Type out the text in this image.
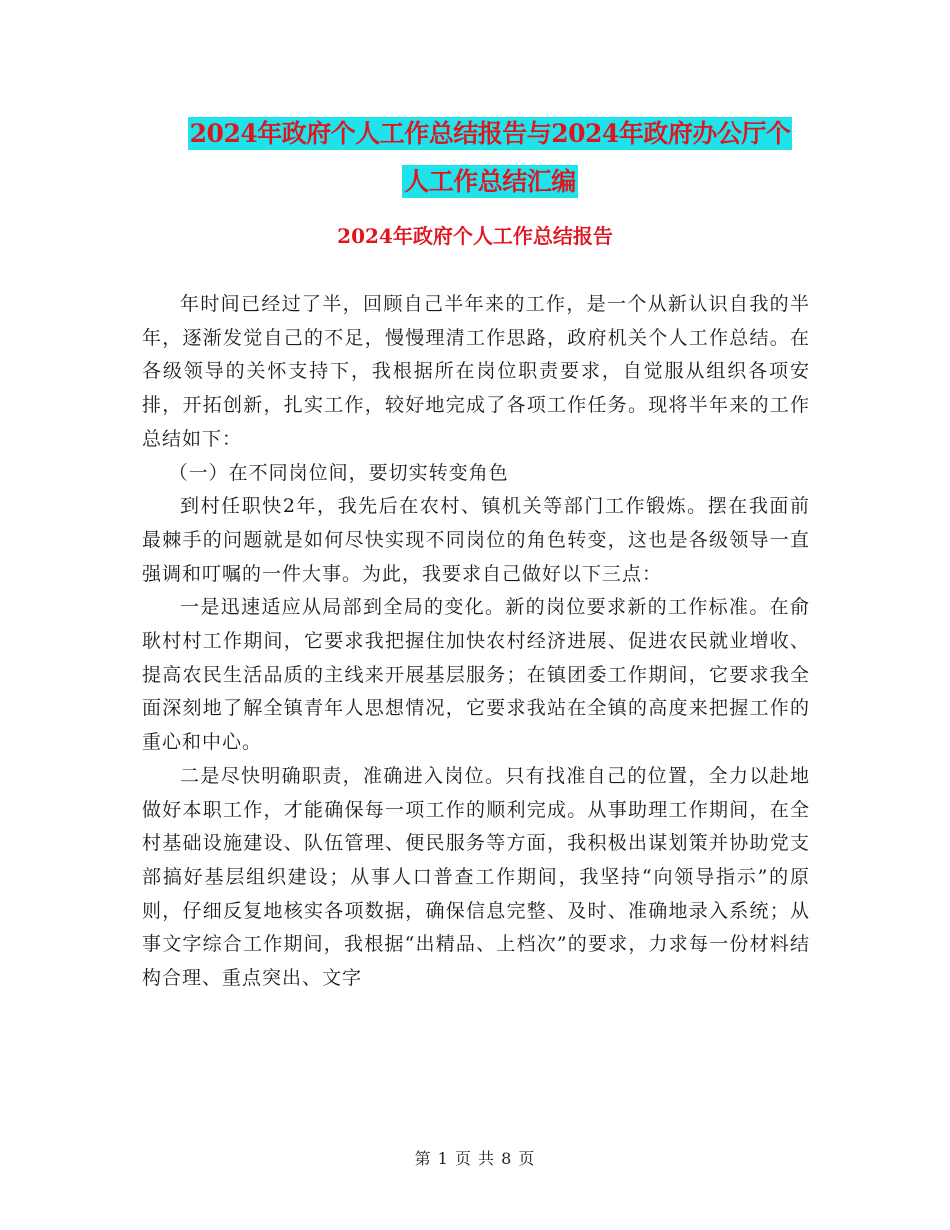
2024年政府个人工作总结报告与2024年政府办公厅个
人工作总结汇编
2024年政府个人工作总结报告

年时间已经过了半，回顾自己半年来的工作，是一个从新认识自我的半年，逐渐发觉自己的不足，慢慢理清工作思路，政府机关个人工作总结。在各级领导的关怀支持下，我根据所在岗位职责要求，自觉服从组织各项安排，开拓创新，扎实工作，较好地完成了各项工作任务。现将半年来的工作总结如下：

（一）在不同岗位间，要切实转变角色

到村任职快2年，我先后在农村、镇机关等部门工作锻炼。摆在我面前最棘手的问题就是如何尽快实现不同岗位的角色转变，这也是各级领导一直强调和叮嘱的一件大事。为此，我要求自己做好以下三点：

一是迅速适应从局部到全局的变化。新的岗位要求新的工作标准。在俞耿村村工作期间，它要求我把握住加快农村经济进展、促进农民就业增收、提高农民生活品质的主线来开展基层服务；在镇团委工作期间，它要求我全面深刻地了解全镇青年人思想情况，它要求我站在全镇的高度来把握工作的重心和中心。

二是尽快明确职责，准确进入岗位。只有找准自己的位置，全力以赴地做好本职工作，才能确保每一项工作的顺利完成。从事助理工作期间，在全村基础设施建设、队伍管理、便民服务等方面，我积极出谋划策并协助党支部搞好基层组织建设；从事人口普查工作期间，我坚持“向领导指示”的原则，仔细反复地核实各项数据，确保信息完整、及时、准确地录入系统；从事文字综合工作期间，我根据“出精品、上档次”的要求，力求每一份材料结构合理、重点突出、文字

第 1 页 共 8 页
